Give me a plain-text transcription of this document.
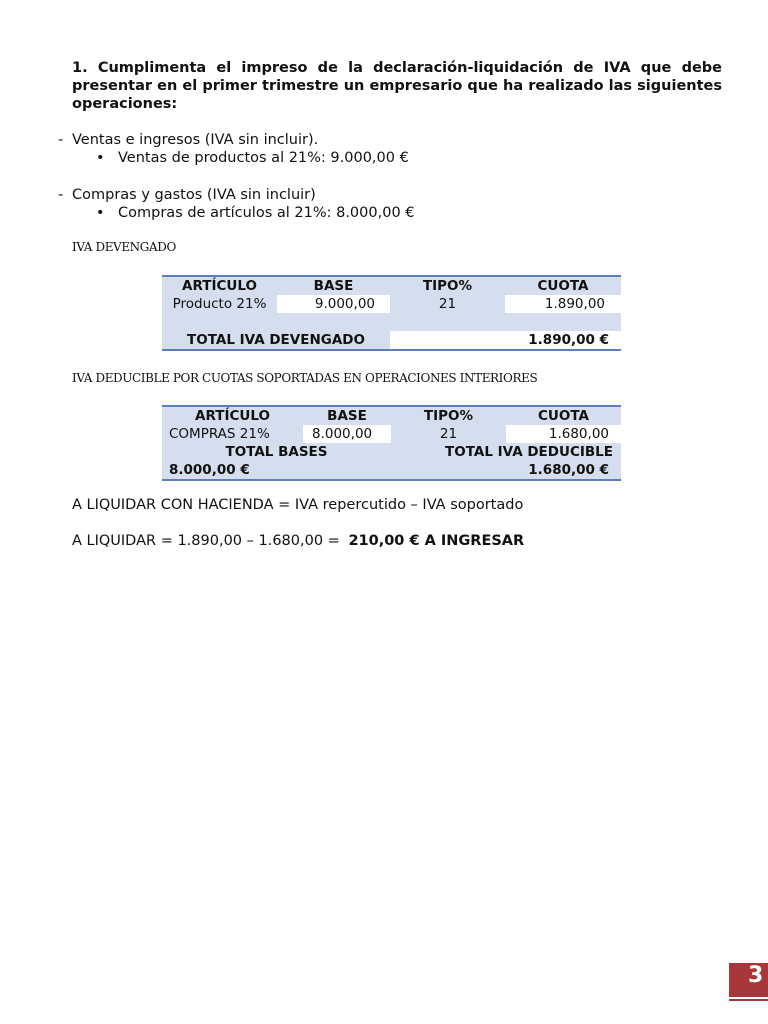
1. Cumplimenta el impreso de la declaración-liquidación de IVA que debe presentar en el primer trimestre un empresario que ha realizado las siguientes operaciones:
- Ventas e ingresos (IVA sin incluir).
• Ventas de productos al 21%: 9.000,00 €
- Compras y gastos (IVA sin incluir)
• Compras de artículos al 21%: 8.000,00 €
IVA DEVENGADO
ARTÍCULO	BASE	TIPO%	CUOTA
Producto 21%	9.000,00	21	1.890,00

TOTAL IVA DEVENGADO		1.890,00 €	
IVA DEDUCIBLE POR CUOTAS SOPORTADAS EN OPERACIONES INTERIORES
ARTÍCULO	BASE	TIPO%	CUOTA
COMPRAS 21%	8.000,00	21	1.680,00
TOTAL BASES		TOTAL IVA DEDUCIBLE	
8.000,00 €		1.680,00 €	
A LIQUIDAR CON HACIENDA = IVA repercutido – IVA soportado
A LIQUIDAR = 1.890,00 – 1.680,00 = 210,00 € A INGRESAR
3
